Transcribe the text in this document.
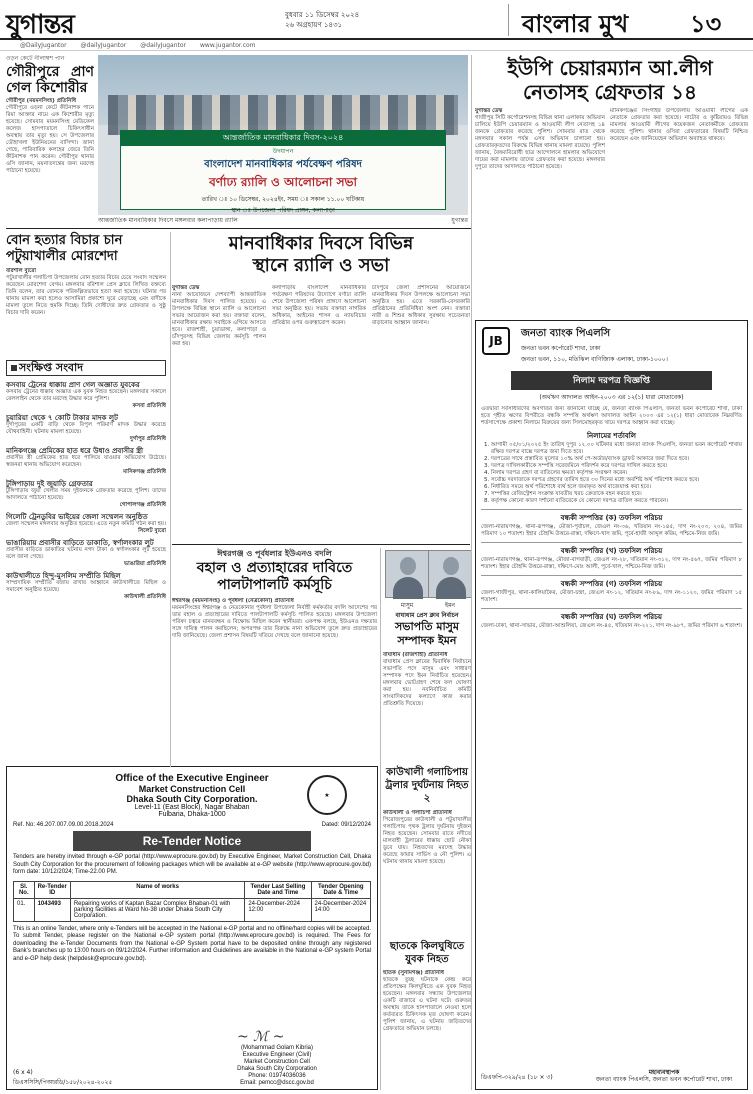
যুগান্তর	বুধবার ১১ ডিসেম্বর ২০২৪
২৬ অগ্রহায়ণ ১৪৩১	বাংলার মুখ	১৩
@DailyJugantor @dailyJugantor @dailyJugantor www.jugantor.com
ওড়ন কেটে নীলাম্বশ পান
গৌরীপুরে প্রাণ গেল কিশোরীর
গৌরীপুর (ময়মনসিংহ) প্রতিনিধি
গৌরীপুরে ওড়না কেটে কীটনাশক পানে রিমা আক্তার নামে এক কিশোরীর মৃত্যু হয়েছে। সোমবার ময়মনসিংহ মেডিকেল কলেজ হাসপাতালে চিকিৎসাধীন অবস্থায় তার মৃত্যু হয়। সে উপজেলার ডৌহাখলা ইউনিয়নের বাসিন্দা। জানা গেছে, পারিবারিক কলহের জেরে তিনি কীটনাশক পান করেন। গৌরীপুর থানার ওসি জানান, ময়নাতদন্তের জন্য মরদেহ পাঠানো হয়েছে।
আন্তর্জাতিক মানবাধিকার দিবস-২০২৪
উদযাপন
বাংলাদেশ মানবাধিকার পর্যবেক্ষণ পরিষদ
বর্ণাঢ্য র‌্যালি ও আলোচনা সভা
তারিখ ঃ ১০ ডিসেম্বর, ২০২৪ইং, সময় ঃ সকাল ১১.০০ ঘটিকায়
স্থান ঃ উপজেলা পরিষদ প্রাঙ্গন, কলাপাড়া
আন্তর্জাতিক মানবাধিকার দিবসে মঙ্গলবার কলাপাড়ায় র‌্যালি	যুগান্তর
ইউপি চেয়ারম্যান আ.লীগ
নেতাসহ গ্রেফতার ১৪
যুগান্তর ডেস্ক
গাজীপুর সিটি কর্পোরেশনসহ বিভিন্ন থানা এলাকায় অভিযান চালিয়ে ইউপি চেয়ারম্যান ও আওয়ামী লীগ নেতাসহ ১৪ জনকে গ্রেফতার করেছে পুলিশ। সোমবার রাত থেকে মঙ্গলবার সকাল পর্যন্ত এসব অভিযান চালানো হয়। গ্রেফতারকৃতদের বিরুদ্ধে বিভিন্ন থানায় মামলা রয়েছে। পুলিশ জানায়, বৈষম্যবিরোধী ছাত্র আন্দোলনে হামলার অভিযোগে দায়ের করা মামলায় তাদের গ্রেফতার করা হয়েছে। মঙ্গলবার দুপুরে তাদের আদালতে পাঠানো হয়েছে।
মানিকগঞ্জের সিংগাইর উপজেলায় আওয়ামী লীগের এক নেতাকে গ্রেফতার করা হয়েছে। নাটোর ও কুষ্টিয়ায়ও বিভিন্ন মামলায় আওয়ামী লীগের কয়েকজন নেতাকর্মীকে গ্রেফতার করেছে পুলিশ। থানার ওসিরা গ্রেফতারের বিষয়টি নিশ্চিত করেছেন এবং জানিয়েছেন অভিযান অব্যাহত থাকবে।
বোন হত্যার বিচার চান পটুয়াখালীর মোরশেদা
বরিশাল ব্যুরো
পটুয়াখালীর গলাচিপা উপজেলায় বোন হত্যার বিচার চেয়ে সংবাদ সম্মেলন করেছেন মোরশেদা বেগম। মঙ্গলবার বরিশাল প্রেস ক্লাবে লিখিত বক্তব্যে তিনি বলেন, তার বোনকে পরিকল্পিতভাবে হত্যা করা হয়েছে। ঘটনার পর থানায় মামলা করা হলেও আসামিরা প্রকাশ্যে ঘুরে বেড়াচ্ছে এবং বাদীকে মামলা তুলে নিতে হুমকি দিচ্ছে। তিনি দোষীদের দ্রুত গ্রেফতার ও সুষ্ঠু বিচার দাবি করেন।
মানবাধিকার দিবসে বিভিন্ন
স্থানে র‌্যালি ও সভা
যুগান্তর ডেস্ক
নানা আয়োজনে দেশব্যাপী আন্তর্জাতিক মানবাধিকার দিবস পালিত হয়েছে। এ উপলক্ষে বিভিন্ন স্থানে র‌্যালি ও আলোচনা সভার আয়োজন করা হয়। বক্তারা বলেন, মানবাধিকার রক্ষায় সবাইকে এগিয়ে আসতে হবে। রাজশাহী, চুয়াডাঙ্গা, কলাপাড়া ও চাঁদপুরসহ বিভিন্ন জেলায় কর্মসূচি পালন করা হয়।
কলাপাড়ায় বাংলাদেশ মানবাধিকার পর্যবেক্ষণ পরিষদের উদ্যোগে বর্ণাঢ্য র‌্যালি শেষে উপজেলা পরিষদ প্রাঙ্গণে আলোচনা সভা অনুষ্ঠিত হয়। সভায় বক্তারা নাগরিক অধিকার, আইনের শাসন ও ন্যায়বিচার প্রতিষ্ঠার ওপর গুরুত্বারোপ করেন।
চাঁদপুরে জেলা প্রশাসনের আয়োজনে মানবাধিকার দিবস উপলক্ষে আলোচনা সভা অনুষ্ঠিত হয়। এতে সরকারি-বেসরকারি প্রতিষ্ঠানের প্রতিনিধিরা অংশ নেন। বক্তারা নারী ও শিশুর অধিকার সুরক্ষায় সচেতনতা বাড়ানোর আহ্বান জানান।
সংক্ষিপ্ত সংবাদ
কসবায় ট্রেনের ধাক্কায় প্রাণ গেল অজ্ঞাত যুবকের
কসবায় ট্রেনের ধাক্কায় অজ্ঞাত এক যুবক নিহত হয়েছেন। মঙ্গলবার সকালে রেললাইন থেকে তার মরদেহ উদ্ধার করে পুলিশ।
কসবা প্রতিনিধি
চুয়ারিয়া থেকে ৭ কোটি টাকার মাদক লুট
দুর্গাপুরের একটি বাড়ি থেকে বিপুল পরিমাণ মাদক উদ্ধার করেছে যৌথবাহিনী। ঘটনায় মামলা হয়েছে।
দুর্গাপুর প্রতিনিধি
মানিকগঞ্জে প্রেমিকের হাত ধরে উধাও প্রবাসীর স্ত্রী
প্রবাসীর স্ত্রী প্রেমিকের হাত ধরে পালিয়ে যাওয়ার অভিযোগ উঠেছে। স্বজনরা থানায় অভিযোগ করেছেন।
মানিকগঞ্জ প্রতিনিধি
টুঙ্গিপাড়ায় দুই জুয়াড়ি গ্রেফতার
টুঙ্গিপাড়ায় জুয়া খেলার সময় দুইজনকে গ্রেফতার করেছে পুলিশ। তাদের আদালতে পাঠানো হয়েছে।
গোপালগঞ্জ প্রতিনিধি
গিলেটি ট্রেনডুবির ভাইয়ের জেলা সম্মেলন অনুষ্ঠিত
জেলা সম্মেলন মঙ্গলবার অনুষ্ঠিত হয়েছে। এতে নতুন কমিটি গঠন করা হয়।
সিলেট ব্যুরো
ভাঙারিয়ায় প্রবাসীর বাড়িতে ডাকাতি, স্বর্ণালংকার লুট
প্রবাসীর বাড়িতে ডাকাতির ঘটনায় নগদ টাকা ও স্বর্ণালংকার লুট হয়েছে বলে জানা গেছে।
ভাঙারিয়া প্রতিনিধি
কাউখালীতে হিন্দু-মুসলিম সম্প্রীতি মিছিল
সাম্প্রদায়িক সম্প্রীতি বজায় রাখার আহ্বানে কাউখালীতে মিছিল ও সমাবেশ অনুষ্ঠিত হয়েছে।
কাউখালী প্রতিনিধি
ঈশ্বরগঞ্জ ও পূর্বধলার ইউএনও বদলি
বহাল ও প্রত্যাহারের দাবিতে
পালটাপালটি কর্মসূচি
ঈশ্বরগঞ্জ (ময়মনসিংহ) ও পূর্বধলা (নেত্রকোনা) প্রতিনিধি
ময়মনসিংহের ঈশ্বরগঞ্জ ও নেত্রকোনার পূর্বধলা উপজেলা নির্বাহী কর্মকর্তার বদলি আদেশের পর তার বহাল ও প্রত্যাহারের দাবিতে পালটাপালটি কর্মসূচি পালিত হয়েছে। মঙ্গলবার উপজেলা পরিষদ চত্বরে মানববন্ধন ও বিক্ষোভ মিছিল করেন স্থানীয়রা। একপক্ষ বলছে, ইউএনও দক্ষতার সঙ্গে দায়িত্ব পালন করছিলেন; অপরপক্ষ তার বিরুদ্ধে নানা অভিযোগ তুলে দ্রুত প্রত্যাহারের দাবি জানিয়েছে। জেলা প্রশাসন বিষয়টি খতিয়ে দেখছে বলে জানানো হয়েছে।
মাসুম	ইমন
বাঘাধাম প্রেস ক্লাব নির্বাচন
সভাপতি মাসুম সম্পাদক ইমন
বাঘাধাম (রাজশাহী) প্রতিনিধি
বাঘাধাম প্রেস ক্লাবের দ্বিবার্ষিক নির্বাচনে সভাপতি পদে মাসুম এবং সাধারণ সম্পাদক পদে ইমন নির্বাচিত হয়েছেন। মঙ্গলবার ভোটগ্রহণ শেষে ফল ঘোষণা করা হয়। নবনির্বাচিত কমিটি সাংবাদিকদের কল্যাণে কাজ করার প্রতিশ্রুতি দিয়েছে।
কাউখালী গলাচিপায় ট্রলার দুর্ঘটনায় নিহত ২
কাউখালী ও গলাচিপা প্রতিনিধি
পিরোজপুরের কাউখালী ও পটুয়াখালীর গলাচিপায় পৃথক ট্রলার দুর্ঘটনায় দুইজন নিহত হয়েছেন। সোমবার রাতে নদীতে মালবাহী ট্রলারের ধাক্কায় ছোট নৌকা ডুবে যায়। নিহতদের মরদেহ উদ্ধার করেছে ফায়ার সার্ভিস ও নৌ পুলিশ। এ ঘটনায় থানায় মামলা হয়েছে।
ছাতকে কিলঘুষিতে যুবক নিহত
ছাতক (সুনামগঞ্জ) প্রতিনিধি
ছাতকে তুচ্ছ ঘটনাকে কেন্দ্র করে প্রতিপক্ষের কিলঘুষিতে এক যুবক নিহত হয়েছেন। মঙ্গলবার সন্ধ্যায় উপজেলার একটি বাজারে এ ঘটনা ঘটে। গুরুতর অবস্থায় তাকে হাসপাতালে নেওয়া হলে কর্তব্যরত চিকিৎসক মৃত ঘোষণা করেন। পুলিশ জানায়, এ ঘটনায় জড়িতদের গ্রেফতারে অভিযান চলছে।
★
Office of the Executive Engineer
Market Construction Cell
Dhaka South City Corporation.
Level-11 (East Block), Nagar Bhaban
Fulbaria, Dhaka-1000
Ref. No: 46.207.007.09.00.2018.2024	Dated: 09/12/2024
Re-Tender Notice
Tenders are hereby invited through e-GP portal (http://www.eprocure.gov.bd) by Executive Engineer, Market Construction Cell, Dhaka South City Corporation for the procurement of following packages which will be available at e-GP website (http://www.eprocure.gov.bd) form date: 10/12/2024; Time-22.00 PM.
Sl. No.	Re-Tender ID	Name of works	Tender Last Selling Date and Time	Tender Opening Date & Time
01.	1043493	Repairing works of Kaptan Bazar Complex Bhaban-01 with parking facilities at Ward No-38 under Dhaka South City Corporation.	24-December-2024 12:00	24-December-2024 14:00
This is an online Tender, where only e-Tenders will be accepted in the National e-GP portal and no offline/hard copies will be accepted. To submit Tender, please register on the National e-GP system portal (http://www.eprocure.gov.bd) is required. The Fees for downloading the e-Tender Documents from the National e-GP System portal have to be deposited online through any registered Bank's branches up to 13:00 hours on 09/12/2024. Further information and Guidelines are available in the National e-GP system Portal and e-GP help desk (helpdesk@eprocure.gov.bd).
~ ℳ ~
(Mohammad Golam Kibria)
Executive Engineer (Civil)
Market Construction Cell
Dhaka South City Corporation
Phone: 01974036036
Email: pemcc@dscc.gov.bd
(6 x 4)
ডিএসসিসি/পিআরডি/১৫৮/২০২৪-২০২৫
JB
জনতা ব্যাংক পিএলসি
জনতা ভবন কর্পোরেট শাখা, ঢাকা
জনতা ভবন, ১১০, মতিঝিল বাণিজ্যিক এলাকা, ঢাকা-১০০০।
নিলাম দরপত্র বিজ্ঞপ্তি
(অর্থঋণ আদালত আইন-২০০৩ এর ১২(১) ধারা মোতাবেক)
এতদ্বারা সর্বসাধারণের অবগতির জন্য জানানো যাচ্ছে যে, জনতা ব্যাংক পিএলসি, জনতা ভবন কর্পোরেট শাখা, ঢাকা হতে গৃহীত ঋণের বিপরীতে বন্ধকি সম্পত্তি অর্থঋণ আদালত আইন ২০০৩ এর ১২(১) ধারা মোতাবেক নিম্নবর্ণিত শর্তসাপেক্ষে প্রকাশ্য নিলামে বিক্রয়ের জন্য সিলমোহরকৃত খামে দরপত্র আহ্বান করা যাচ্ছে।
নিলামের শর্তাবলি
1. আগামী ০৫/০১/২০২৫ ইং তারিখ দুপুর ১২.০০ ঘটিকার মধ্যে জনতা ব্যাংক পিএলসি, জনতা ভবন কর্পোরেট শাখায় রক্ষিত দরপত্র বাক্সে দরপত্র জমা দিতে হবে।
2. দরপত্রের সাথে প্রস্তাবিত মূল্যের ১০% অর্থ পে-অর্ডার/ব্যাংক ড্রাফট আকারে জমা দিতে হবে।
3. দরপত্র দাখিলকারীকে সম্পত্তি সরেজমিনে পরিদর্শন করে দরপত্র দাখিল করতে হবে।
4. নিলাম দরপত্র গ্রহণ বা বাতিলের ক্ষমতা কর্তৃপক্ষ সংরক্ষণ করেন।
5. সর্বোচ্চ দরদাতাকে দরপত্র গ্রহণের তারিখ হতে ৩০ দিনের মধ্যে অবশিষ্ট অর্থ পরিশোধ করতে হবে।
6. নির্ধারিত সময়ে অর্থ পরিশোধে ব্যর্থ হলে জমাকৃত অর্থ বাজেয়াপ্ত করা হবে।
7. সম্পত্তির রেজিস্ট্রেশন সংক্রান্ত যাবতীয় খরচ ক্রেতাকে বহন করতে হবে।
8. কর্তৃপক্ষ কোনো কারণ দর্শানো ব্যতিরেকে যে কোনো দরপত্র বাতিল করতে পারবেন।
বন্ধকী সম্পত্তির (ক) তফসিল পরিচয়
জেলা-নারায়ণগঞ্জ, থানা-রূপগঞ্জ, মৌজা-পূর্বাচল, জেএল নং-৩৬, খতিয়ান নং-১৪৫, দাগ নং-২০৩, ২০৪, জমির পরিমাণ ১০ শতাংশ। ইহার চৌহদ্দি উত্তরে-রাস্তা, দক্ষিণে-খাস জমি, পূর্বে-হাজী আব্দুল করিম, পশ্চিমে-নিজ জমি।
বন্ধকী সম্পত্তির (খ) তফসিল পরিচয়
জেলা-নারায়ণগঞ্জ, থানা-রূপগঞ্জ, মৌজা-বাগবাড়ী, জেএল নং-২৮, খতিয়ান নং-৩১২, দাগ নং-৫৬৭, জমির পরিমাণ ৮ শতাংশ। ইহার চৌহদ্দি উত্তরে-রাস্তা, দক্ষিণে-মোঃ আলী, পূর্বে-খাল, পশ্চিমে-নিজ জমি।
বন্ধকী সম্পত্তির (গ) তফসিল পরিচয়
জেলা-গাজীপুর, থানা-কালিয়াকৈর, মৌজা-চন্দ্রা, জেএল নং-১২, খতিয়ান নং-৮৯, দাগ নং-১১২০, জমির পরিমাণ ১৫ শতাংশ।
বন্ধকী সম্পত্তির (ঘ) তফসিল পরিচয়
জেলা-ঢাকা, থানা-সাভার, মৌজা-আশুলিয়া, জেএল নং-৪৫, খতিয়ান নং-২২১, দাগ নং-৯৮৭, জমির পরিমাণ ৬ শতাংশ।
ডিএফপি-৩২৯/২৪ (১৮ × ৩)
মহাব্যবস্থাপক
জনতা ব্যাংক পিএলসি, জনতা ভবন কর্পোরেট শাখা, ঢাকা
